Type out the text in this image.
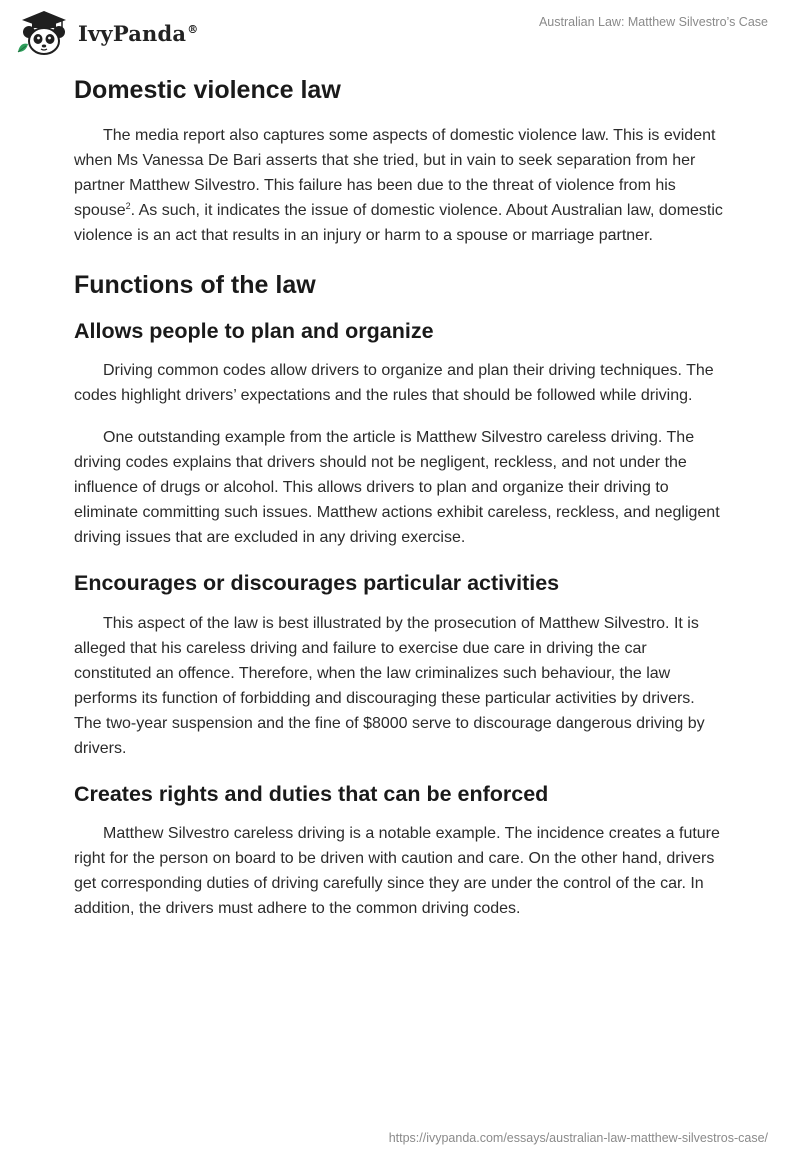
IvyPanda®	Australian Law: Matthew Silvestro’s Case
Domestic violence law

The media report also captures some aspects of domestic violence law. This is evident when Ms Vanessa De Bari asserts that she tried, but in vain to seek separation from her partner Matthew Silvestro. This failure has been due to the threat of violence from his spouse$^2$. As such, it indicates the issue of domestic violence. About Australian law, domestic violence is an act that results in an injury or harm to a spouse or marriage partner.

Functions of the law
Allows people to plan and organize

Driving common codes allow drivers to organize and plan their driving techniques. The codes highlight drivers’ expectations and the rules that should be followed while driving.

One outstanding example from the article is Matthew Silvestro careless driving. The driving codes explains that drivers should not be negligent, reckless, and not under the influence of drugs or alcohol. This allows drivers to plan and organize their driving to eliminate committing such issues. Matthew actions exhibit careless, reckless, and negligent driving issues that are excluded in any driving exercise.

Encourages or discourages particular activities

This aspect of the law is best illustrated by the prosecution of Matthew Silvestro. It is alleged that his careless driving and failure to exercise due care in driving the car constituted an offence. Therefore, when the law criminalizes such behaviour, the law performs its function of forbidding and discouraging these particular activities by drivers. The two-year suspension and the fine of $8000 serve to discourage dangerous driving by drivers.

Creates rights and duties that can be enforced

Matthew Silvestro careless driving is a notable example. The incidence creates a future right for the person on board to be driven with caution and care. On the other hand, drivers get corresponding duties of driving carefully since they are under the control of the car. In addition, the drivers must adhere to the common driving codes.

https://ivypanda.com/essays/australian-law-matthew-silvestros-case/
